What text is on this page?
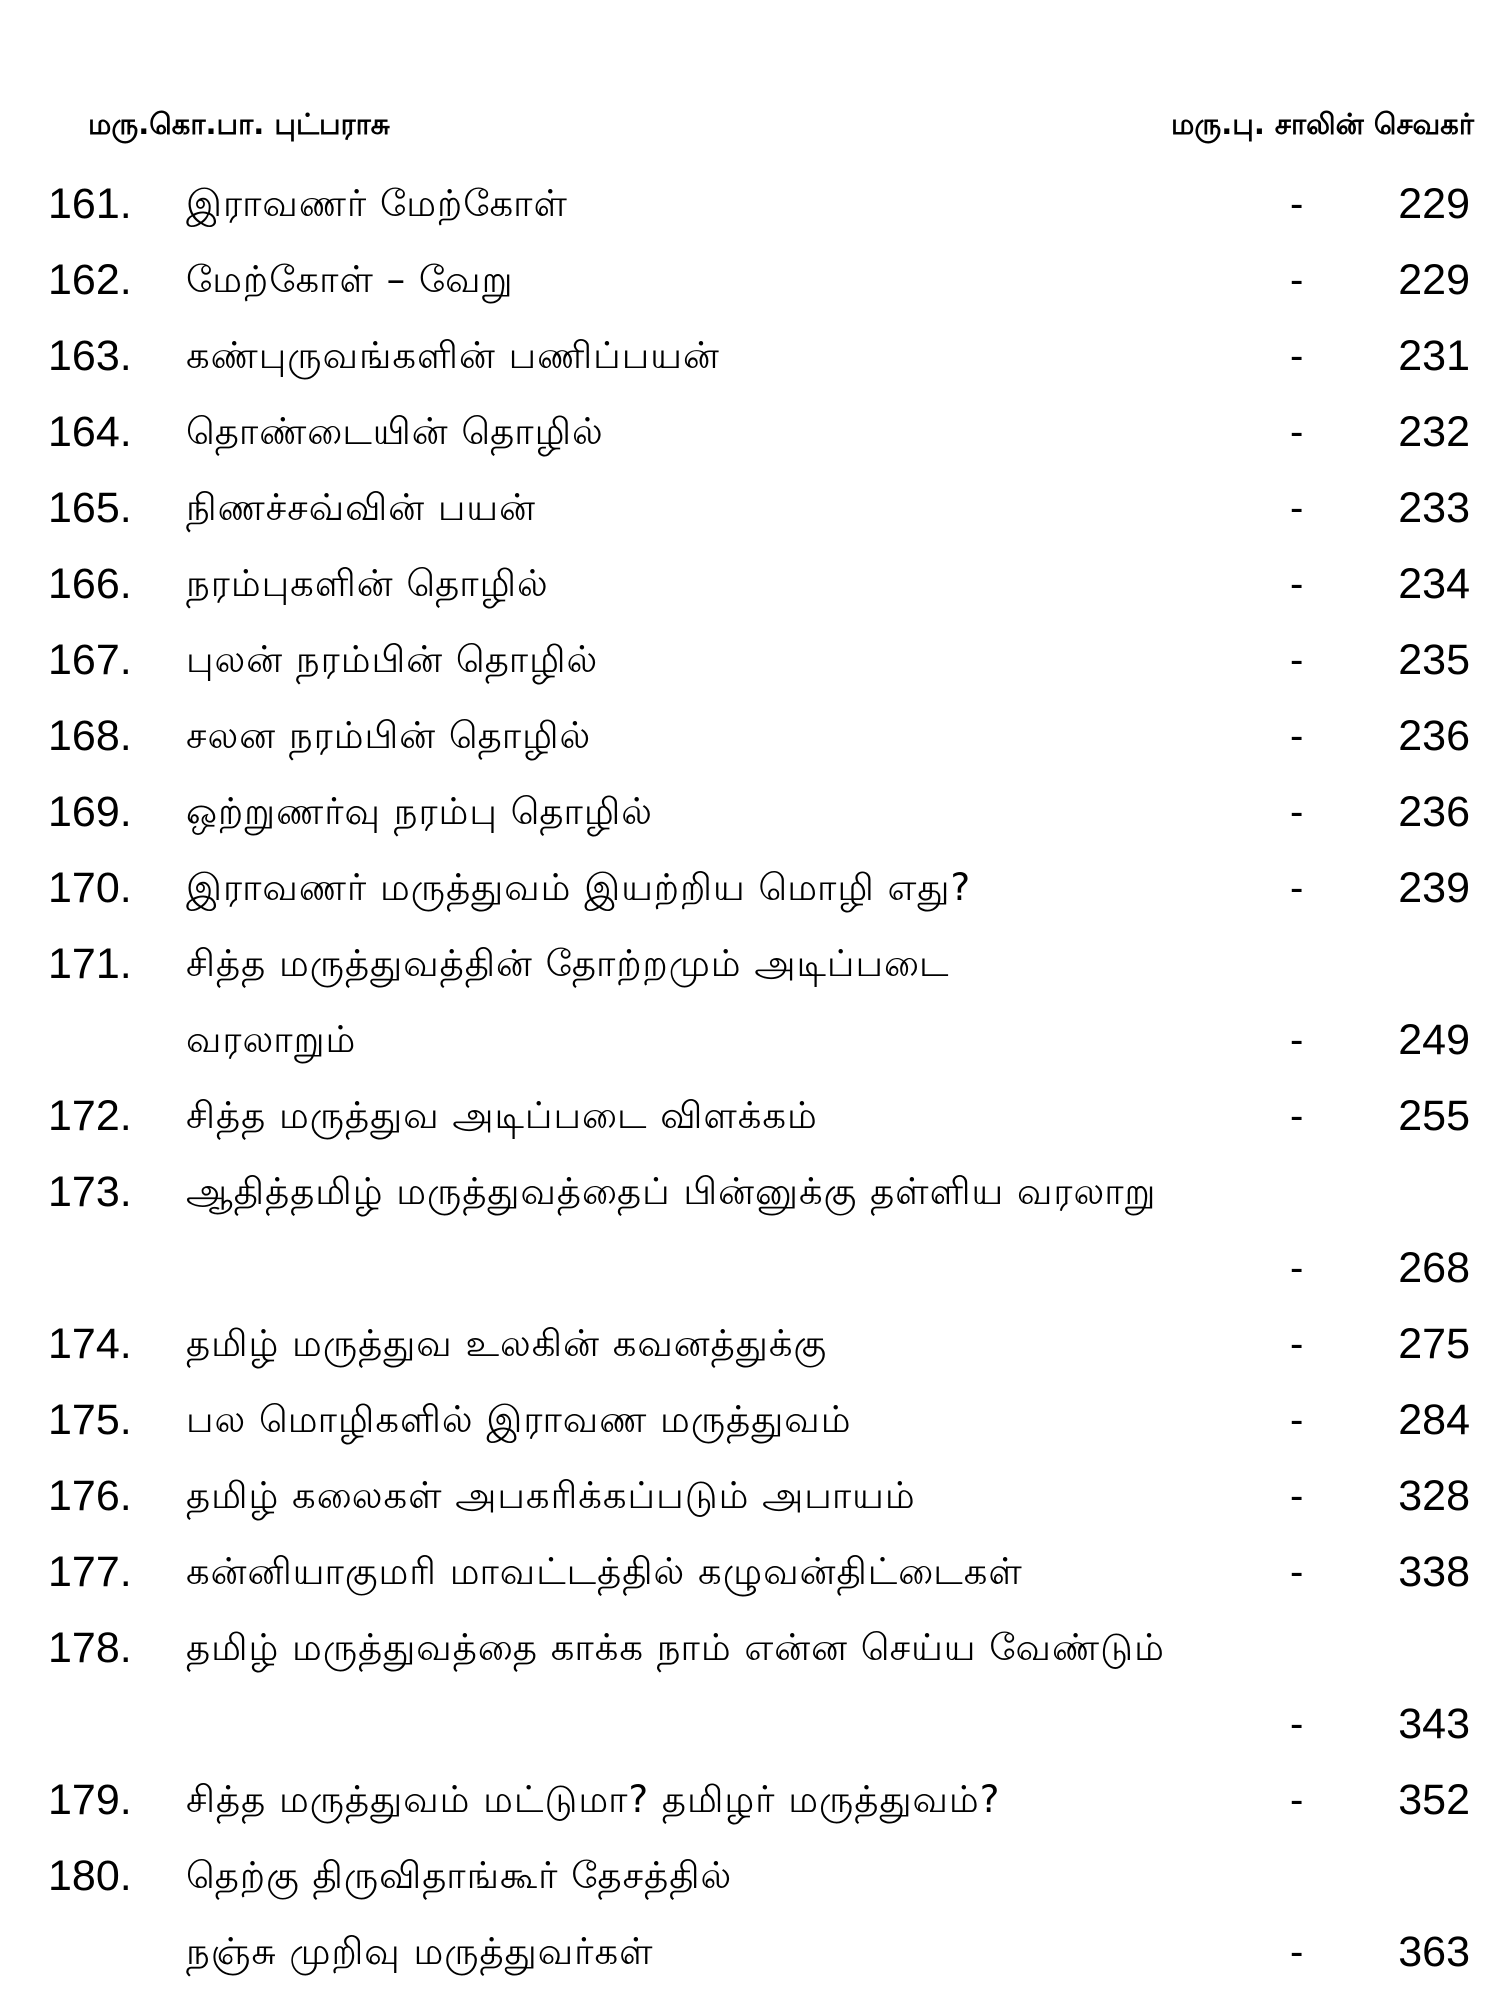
மரு.கொ.பா. புட்பராசு	மரு.பு. சாலின் செவகர்
161. இராவணர் மேற்கோள்	- 229
162. மேற்கோள் – வேறு	- 229
163. கண்புருவங்களின் பணிப்பயன்	- 231
164. தொண்டையின் தொழில்	- 232
165. நிணச்சவ்வின் பயன்	- 233
166. நரம்புகளின் தொழில்	- 234
167. புலன் நரம்பின் தொழில்	- 235
168. சலன நரம்பின் தொழில்	- 236
169. ஒற்றுணர்வு நரம்பு தொழில்	- 236
170. இராவணர் மருத்துவம் இயற்றிய மொழி எது?	- 239
171. சித்த மருத்துவத்தின் தோற்றமும் அடிப்படை
வரலாறும்	- 249
172. சித்த மருத்துவ அடிப்படை விளக்கம்	- 255
173. ஆதித்தமிழ் மருத்துவத்தைப் பின்னுக்கு தள்ளிய வரலாறு
- 268
174. தமிழ் மருத்துவ உலகின் கவனத்துக்கு	- 275
175. பல மொழிகளில் இராவண மருத்துவம்	- 284
176. தமிழ் கலைகள் அபகரிக்கப்படும் அபாயம்	- 328
177. கன்னியாகுமரி மாவட்டத்தில் கழுவன்திட்டைகள்	- 338
178. தமிழ் மருத்துவத்தை காக்க நாம் என்ன செய்ய வேண்டும்
- 343
179. சித்த மருத்துவம் மட்டுமா? தமிழர் மருத்துவம்?	- 352
180. தெற்கு திருவிதாங்கூர் தேசத்தில்
நஞ்சு முறிவு மருத்துவர்கள்	- 363
